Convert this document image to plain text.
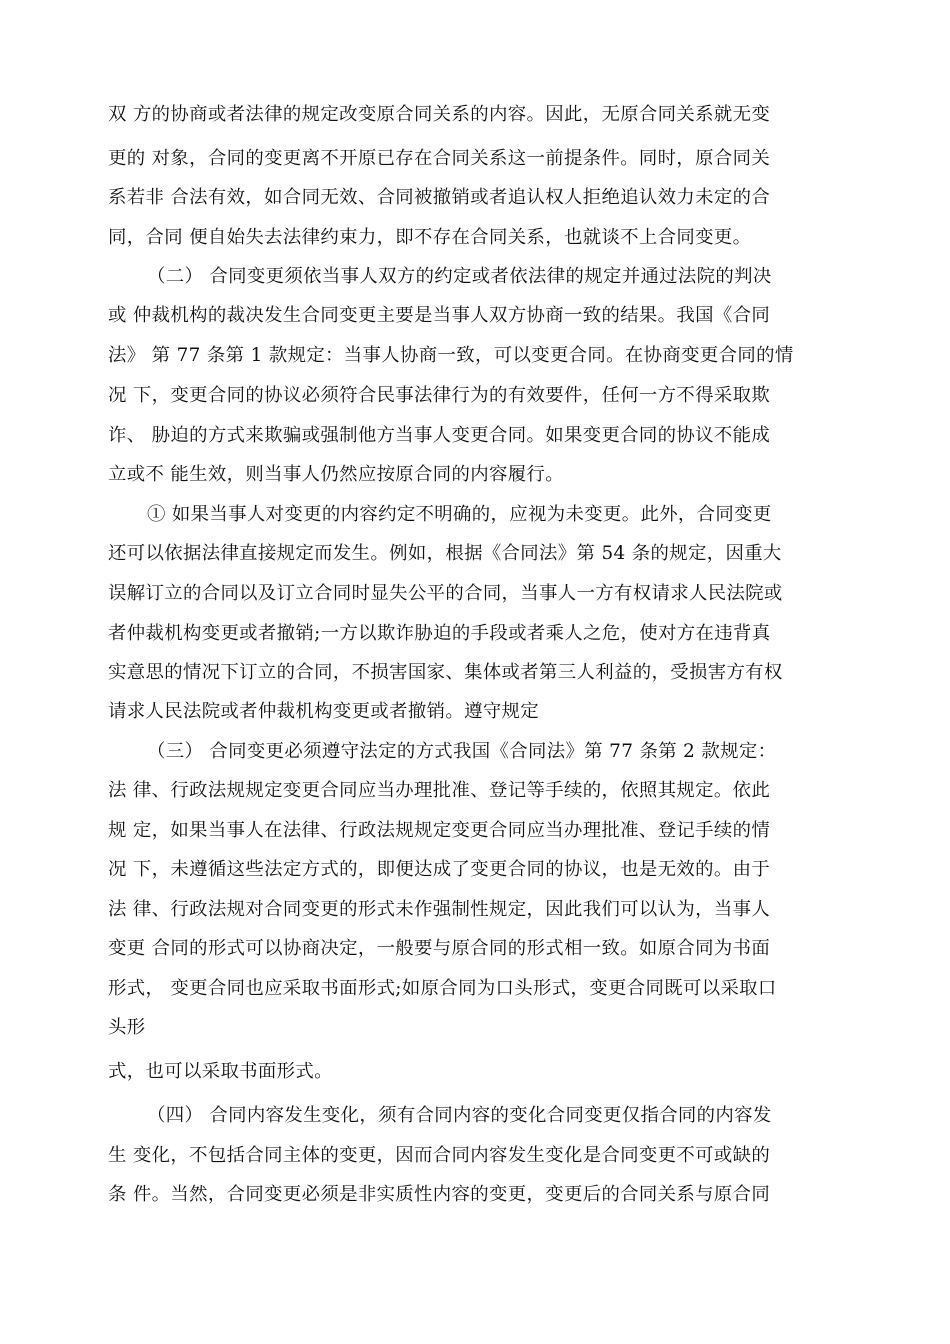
双 方的协商或者法律的规定改变原合同关系的内容。因此，无原合同关系就无变

更的 对象，合同的变更离不开原已存在合同关系这一前提条件。同时，原合同关

系若非 合法有效，如合同无效、合同被撤销或者追认权人拒绝追认效力未定的合

同，合同 便自始失去法律约束力，即不存在合同关系，也就谈不上合同变更。

（二） 合同变更须依当事人双方的约定或者依法律的规定并通过法院的判决

或 仲裁机构的裁决发生合同变更主要是当事人双方协商一致的结果。我国《合同

法》 第 77 条第 1 款规定：当事人协商一致，可以变更合同。在协商变更合同的情

况 下，变更合同的协议必须符合民事法律行为的有效要件，任何一方不得采取欺

诈、 胁迫的方式来欺骗或强制他方当事人变更合同。如果变更合同的协议不能成

立或不 能生效，则当事人仍然应按原合同的内容履行。

① 如果当事人对变更的内容约定不明确的，应视为未变更。此外，合同变更

还可以依据法律直接规定而发生。例如，根据《合同法》第 54 条的规定，因重大

误解订立的合同以及订立合同时显失公平的合同，当事人一方有权请求人民法院或

者仲裁机构变更或者撤销;一方以欺诈胁迫的手段或者乘人之危，使对方在违背真

实意思的情况下订立的合同，不损害国家、集体或者第三人利益的，受损害方有权

请求人民法院或者仲裁机构变更或者撤销。遵守规定

（三） 合同变更必须遵守法定的方式我国《合同法》第 77 条第 2 款规定：

法 律、行政法规规定变更合同应当办理批准、登记等手续的，依照其规定。依此

规 定，如果当事人在法律、行政法规规定变更合同应当办理批准、登记手续的情

况 下，未遵循这些法定方式的，即便达成了变更合同的协议，也是无效的。由于

法 律、行政法规对合同变更的形式未作强制性规定，因此我们可以认为，当事人

变更 合同的形式可以协商决定，一般要与原合同的形式相一致。如原合同为书面

形式， 变更合同也应采取书面形式;如原合同为口头形式，变更合同既可以采取口

头形

式，也可以采取书面形式。

（四） 合同内容发生变化，须有合同内容的变化合同变更仅指合同的内容发

生 变化，不包括合同主体的变更，因而合同内容发生变化是合同变更不可或缺的

条 件。当然，合同变更必须是非实质性内容的变更，变更后的合同关系与原合同
